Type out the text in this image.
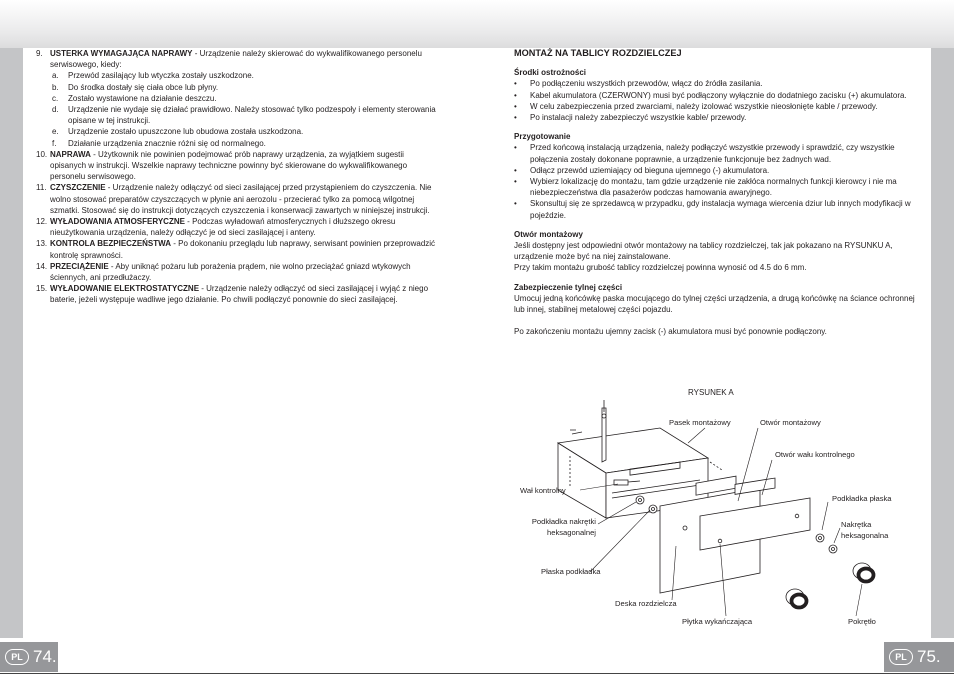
PL 74.	PL 75.
9. USTERKA WYMAGAJĄCA NAPRAWY - Urządzenie należy skierować do wykwalifikowanego personelu serwisowego, kiedy:
a.	Przewód zasilający lub wtyczka zostały uszkodzone.
b.	Do środka dostały się ciała obce lub płyny.
c.	Zostało wystawione na działanie deszczu.
d.	Urządzenie nie wydaje się działać prawidłowo. Należy stosować tylko podzespoły i elementy sterowania opisane w tej instrukcji.
e.	Urządzenie zostało upuszczone lub obudowa została uszkodzona.
f.	Działanie urządzenia znacznie różni się od normalnego.
10. NAPRAWA - Użytkownik nie powinien podejmować prób naprawy urządzenia, za wyjątkiem sugestii opisanych w instrukcji. Wszelkie naprawy techniczne powinny być skierowane do wykwalifikowanego personelu serwisowego.
11. CZYSZCZENIE - Urządzenie należy odłączyć od sieci zasilającej przed przystąpieniem do czyszczenia. Nie wolno stosować preparatów czyszczących w płynie ani aerozolu - przecierać tylko za pomocą wilgotnej szmatki. Stosować się do instrukcji dotyczących czyszczenia i konserwacji zawartych w niniejszej instrukcji.
12. WYŁADOWANIA ATMOSFERYCZNE - Podczas wyładowań atmosferycznych i dłuższego okresu nieużytkowania urządzenia, należy odłączyć je od sieci zasilającej i anteny.
13. KONTROLA BEZPIECZEŃSTWA - Po dokonaniu przeglądu lub naprawy, serwisant powinien przeprowadzić kontrolę sprawności.
14. PRZECIĄŻENIE - Aby uniknąć pożaru lub porażenia prądem, nie wolno przeciążać gniazd wtykowych ściennych, ani przedłużaczy.
15. WYŁADOWANIE ELEKTROSTATYCZNE - Urządzenie należy odłączyć od sieci zasilającej i wyjąć z niego baterie, jeżeli występuje wadliwe jego działanie. Po chwili podłączyć ponownie do sieci zasilającej.
MONTAŻ NA TABLICY ROZDZIELCZEJ
Środki ostrożności
•	Po podłączeniu wszystkich przewodów, włącz do źródła zasilania.
•	Kabel akumulatora (CZERWONY) musi być podłączony wyłącznie do dodatniego zacisku (+) akumulatora.
•	W celu zabezpieczenia przed zwarciami, należy izolować wszystkie nieosłonięte kable / przewody.
•	Po instalacji należy zabezpieczyć wszystkie kable/ przewody.
Przygotowanie
•	Przed końcową instalacją urządzenia, należy podłączyć wszystkie przewody i sprawdzić, czy wszystkie połączenia zostały dokonane poprawnie, a urządzenie funkcjonuje bez żadnych wad.
•	Odłącz przewód uziemiający od bieguna ujemnego (-) akumulatora.
•	Wybierz lokalizację do montażu, tam gdzie urządzenie nie zakłóca normalnych funkcji kierowcy i nie ma niebezpieczeństwa dla pasażerów podczas hamowania awaryjnego.
•	Skonsultuj się ze sprzedawcą w przypadku, gdy instalacja wymaga wiercenia dziur lub innych modyfikacji w pojeździe.
Otwór montażowy

Jeśli dostępny jest odpowiedni otwór montażowy na tablicy rozdzielczej, tak jak pokazano na RYSUNKU A, urządzenie może być na niej zainstalowane.

Przy takim montażu grubość tablicy rozdzielczej powinna wynosić od 4.5 do 6 mm.

Zabezpieczenie tylnej części

Umocuj jedną końcówkę paska mocującego do tylnej części urządzenia, a drugą końcówkę na ściance ochronnej lub innej, stabilnej metalowej części pojazdu.

Po zakończeniu montażu ujemny zacisk (-) akumulatora musi być ponownie podłączony.

RYSUNEK A
Pasek montażowy	Otwór montażowy
Otwór wału kontrolnego
Wał kontrolny
Podkładka płaska
Podkładka nakrętki
heksagonalnej
Nakrętka
heksagonalna
Płaska podkładka
Deska rozdzielcza
Płytka wykańczająca	Pokrętło
